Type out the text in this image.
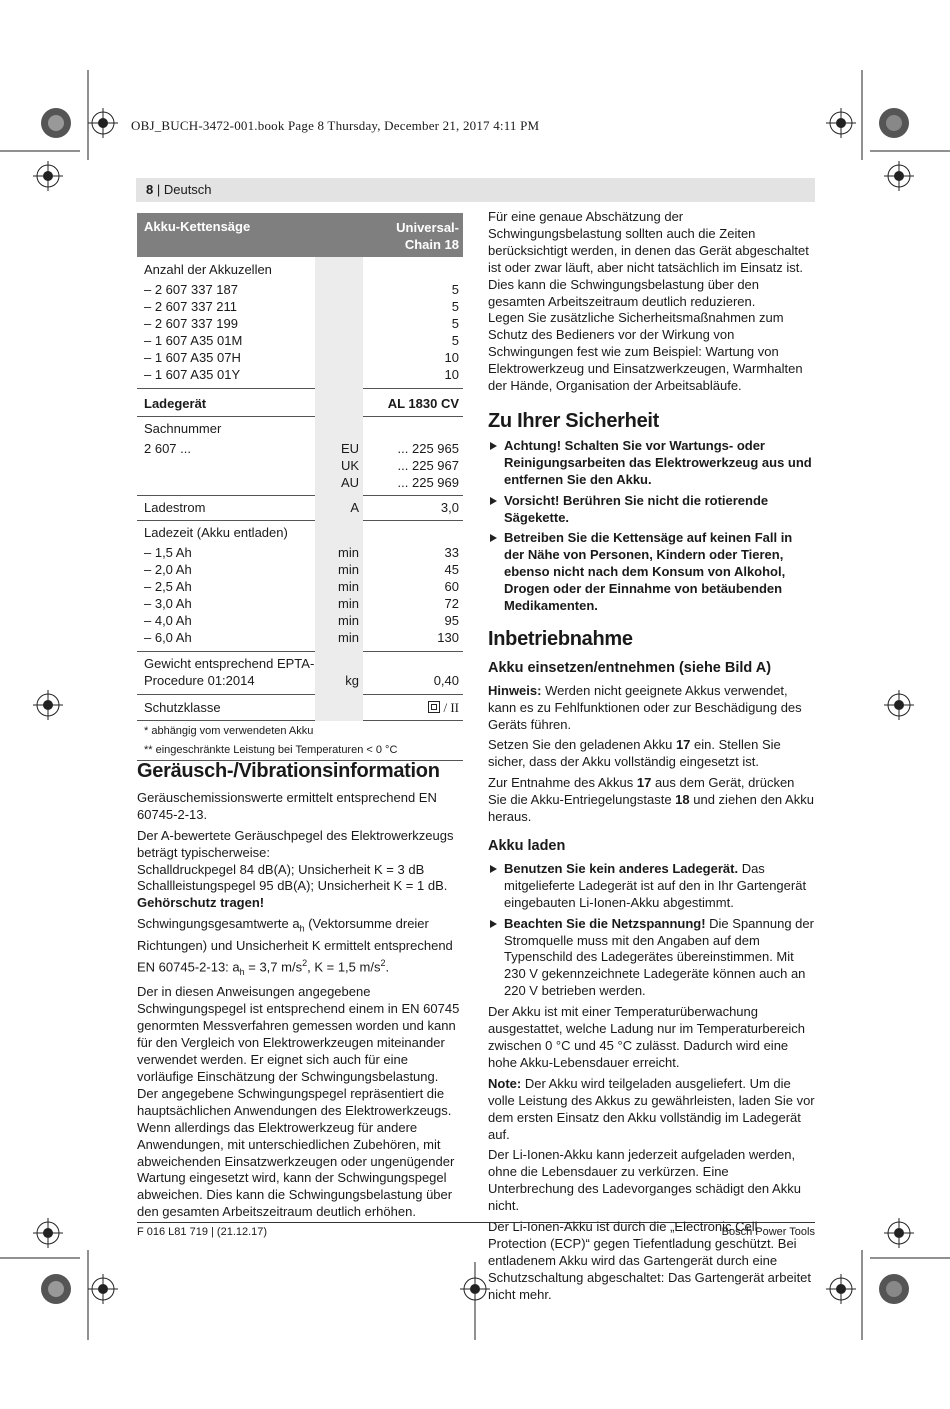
OBJ_BUCH-3472-001.book Page 8 Thursday, December 21, 2017 4:11 PM
8 | Deutsch
Akku-Kettensäge	Universal-
Chain 18
Anzahl der Akkuzellen
– 2 607 337 187	5
– 2 607 337 211	5
– 2 607 337 199	5
– 1 607 A35 01M	5
– 1 607 A35 07H	10
– 1 607 A35 01Y	10
Ladegerät	AL 1830 CV
Sachnummer
2 607 ...	EU	... 225 965
UK	... 225 967
AU	... 225 969
Ladestrom	A	3,0
Ladezeit (Akku entladen)
– 1,5 Ah	min	33
– 2,0 Ah	min	45
– 2,5 Ah	min	60
– 3,0 Ah	min	72
– 4,0 Ah	min	95
– 6,0 Ah	min	130
Gewicht entsprechend EPTA-
Procedure 01:2014	kg	0,40
Schutzklasse	/ II
* abhängig vom verwendeten Akku
** eingeschränkte Leistung bei Temperaturen < 0 °C
Geräusch-/Vibrationsinformation

Geräuschemissionswerte ermittelt entsprechend EN 60745-2-13.

Der A-bewertete Geräuschpegel des Elektrowerkzeugs beträgt typischerweise:

Schalldruckpegel 84 dB(A); Unsicherheit K = 3 dB

Schallleistungspegel 95 dB(A); Unsicherheit K = 1 dB.

Gehörschutz tragen!

Schwingungsgesamtwerte $a_h$ (Vektorsumme dreier Richtungen) und Unsicherheit K ermittelt entsprechend EN 60745-2-13: $a_h = 3,7$ $m/s^2$, K = 1,5 $m/s^2$.

Der in diesen Anweisungen angegebene Schwingungspegel ist entsprechend einem in EN 60745 genormten Messverfahren gemessen worden und kann für den Vergleich von Elektrowerkzeugen miteinander verwendet werden. Er eignet sich auch für eine vorläufige Einschätzung der Schwingungsbelastung.

Der angegebene Schwingungspegel repräsentiert die hauptsächlichen Anwendungen des Elektrowerkzeugs. Wenn allerdings das Elektrowerkzeug für andere Anwendungen, mit unterschiedlichen Zubehören, mit abweichenden Einsatzwerkzeugen oder ungenügender Wartung eingesetzt wird, kann der Schwingungspegel abweichen. Dies kann die Schwingungsbelastung über den gesamten Arbeitszeitraum deutlich erhöhen.

Für eine genaue Abschätzung der Schwingungsbelastung sollten auch die Zeiten berücksichtigt werden, in denen das Gerät abgeschaltet ist oder zwar läuft, aber nicht tatsächlich im Einsatz ist. Dies kann die Schwingungsbelastung über den gesamten Arbeitszeitraum deutlich reduzieren.

Legen Sie zusätzliche Sicherheitsmaßnahmen zum Schutz des Bedieners vor der Wirkung von Schwingungen fest wie zum Beispiel: Wartung von Elektrowerkzeug und Einsatzwerkzeugen, Warmhalten der Hände, Organisation der Arbeitsabläufe.

Zu Ihrer Sicherheit

Achtung! Schalten Sie vor Wartungs- oder Reinigungsarbeiten das Elektrowerkzeug aus und entfernen Sie den Akku.

Vorsicht! Berühren Sie nicht die rotierende Sägekette.

Betreiben Sie die Kettensäge auf keinen Fall in der Nähe von Personen, Kindern oder Tieren, ebenso nicht nach dem Konsum von Alkohol, Drogen oder der Einnahme von betäubenden Medikamenten.

Inbetriebnahme
Akku einsetzen/entnehmen (siehe Bild A)

Hinweis: Werden nicht geeignete Akkus verwendet, kann es zu Fehlfunktionen oder zur Beschädigung des Geräts führen.

Setzen Sie den geladenen Akku 17 ein. Stellen Sie sicher, dass der Akku vollständig eingesetzt ist.

Zur Entnahme des Akkus 17 aus dem Gerät, drücken Sie die Akku-Entriegelungstaste 18 und ziehen den Akku heraus.

Akku laden

Benutzen Sie kein anderes Ladegerät. Das mitgelieferte Ladegerät ist auf den in Ihr Gartengerät eingebauten Li-Ionen-Akku abgestimmt.

Beachten Sie die Netzspannung! Die Spannung der Stromquelle muss mit den Angaben auf dem Typenschild des Ladegerätes übereinstimmen. Mit 230 V gekennzeichnete Ladegeräte können auch an 220 V betrieben werden.

Der Akku ist mit einer Temperaturüberwachung ausgestattet, welche Ladung nur im Temperaturbereich zwischen 0 °C und 45 °C zulässt. Dadurch wird eine hohe Akku-Lebensdauer erreicht.

Note: Der Akku wird teilgeladen ausgeliefert. Um die volle Leistung des Akkus zu gewährleisten, laden Sie vor dem ersten Einsatz den Akku vollständig im Ladegerät auf.

Der Li-Ionen-Akku kann jederzeit aufgeladen werden, ohne die Lebensdauer zu verkürzen. Eine Unterbrechung des Ladevorganges schädigt den Akku nicht.

Der Li-Ionen-Akku ist durch die „Electronic Cell Protection (ECP)“ gegen Tiefentladung geschützt. Bei entladenem Akku wird das Gartengerät durch eine Schutzschaltung abgeschaltet: Das Gartengerät arbeitet nicht mehr.

F 016 L81 719 | (21.12.17)	Bosch Power Tools
